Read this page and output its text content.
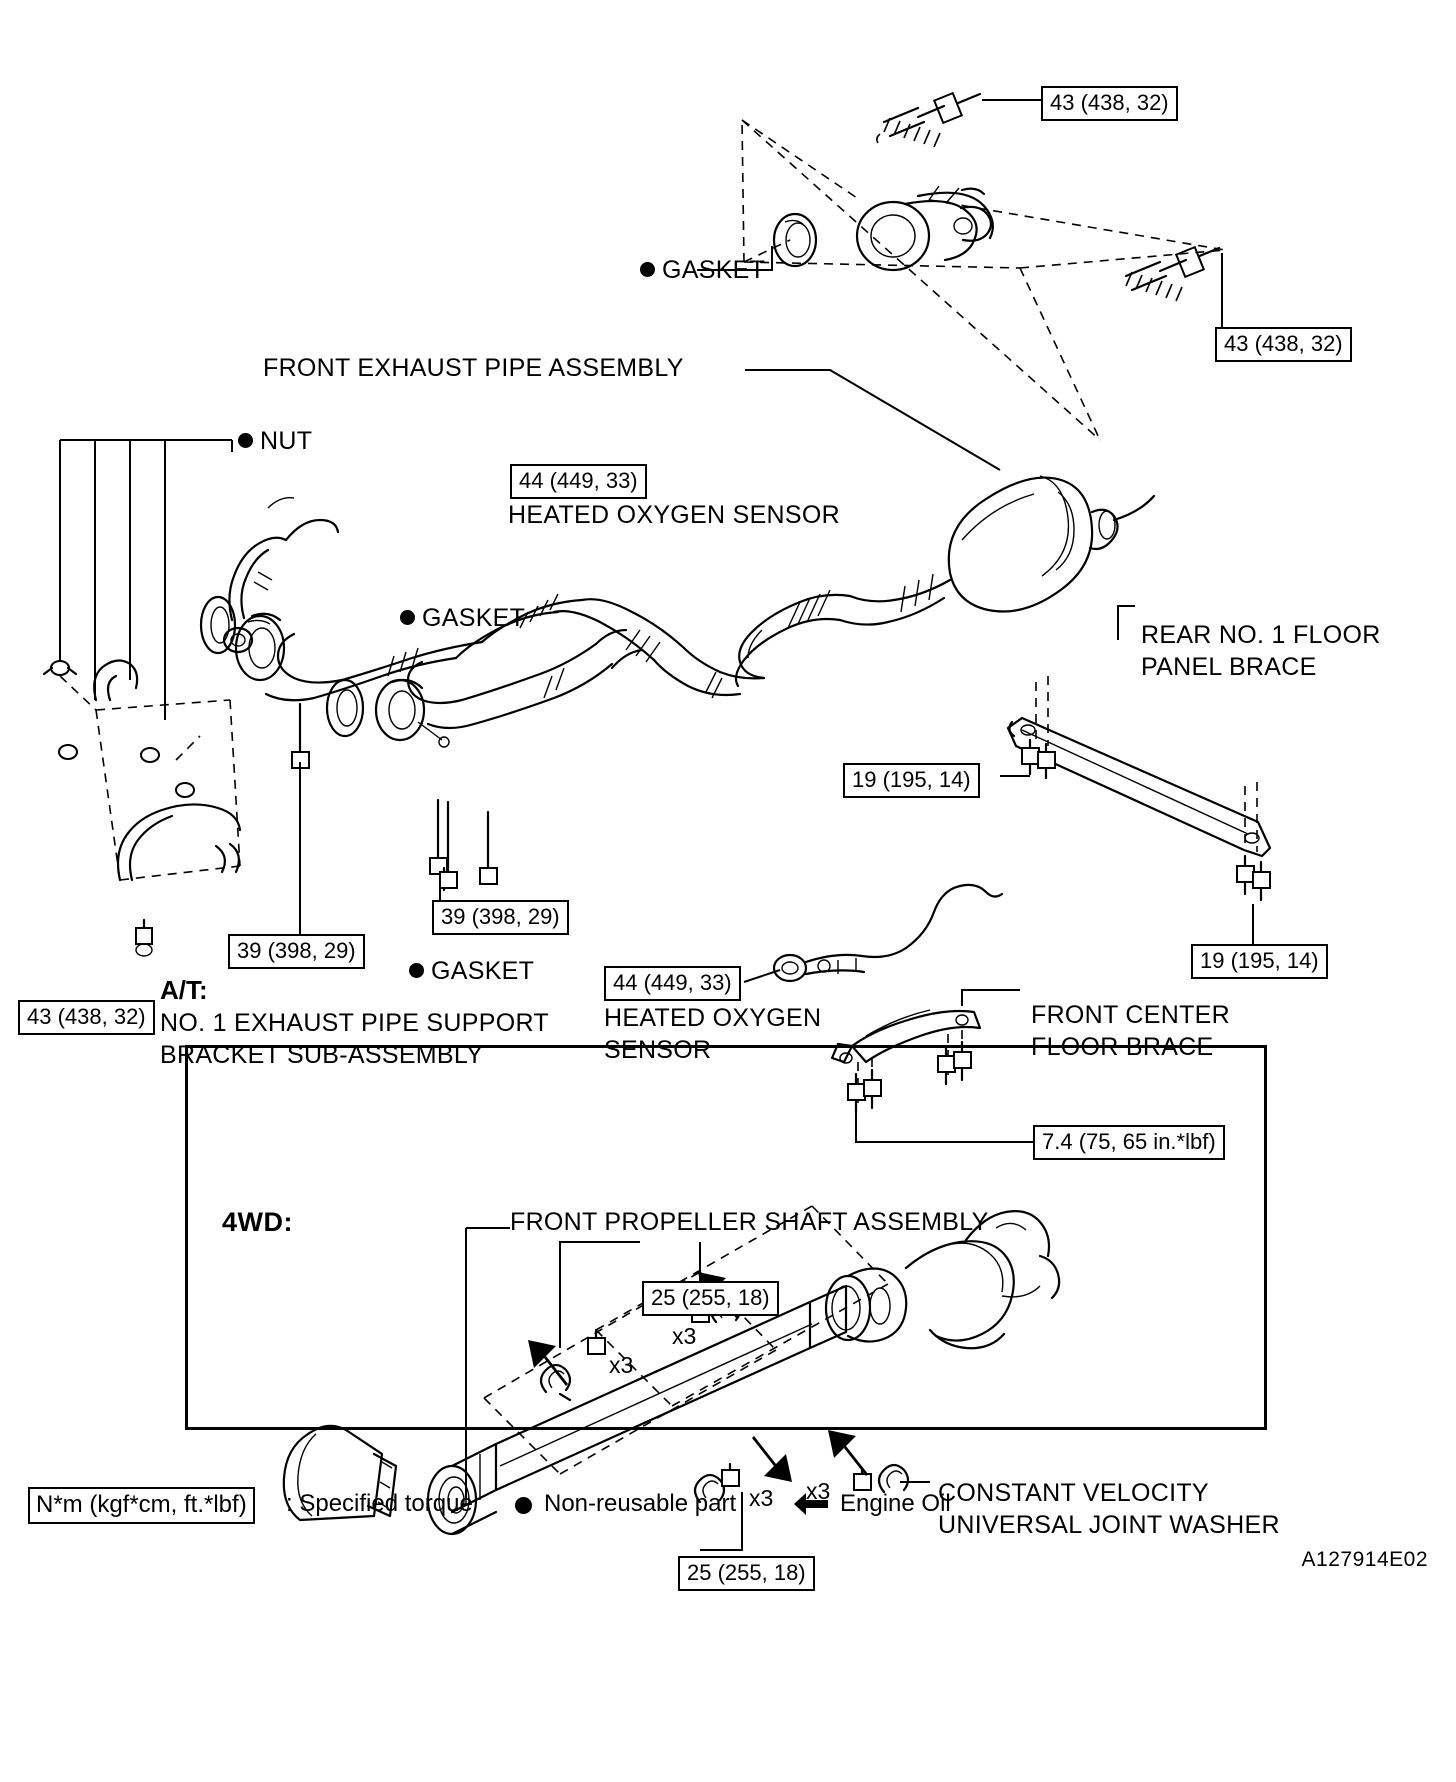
43 (438, 32)
43 (438, 32)
GASKET
FRONT EXHAUST PIPE ASSEMBLY
NUT
44 (449, 33)
HEATED OXYGEN SENSOR
GASKET
REAR NO. 1 FLOOR
PANEL BRACE
19 (195, 14)
39 (398, 29)
39 (398, 29)	19 (195, 14)
GASKET	44 (449, 33)
43 (438, 32)
A/T:
NO. 1 EXHAUST PIPE SUPPORT
BRACKET SUB-ASSEMBLY
HEATED OXYGEN
SENSOR
FRONT CENTER
FLOOR BRACE
7.4 (75, 65 in.*lbf)
4WD:	FRONT PROPELLER SHAFT ASSEMBLY
25 (255, 18)
25 (255, 18)
x3
x3
x3 x3	CONSTANT VELOCITY
UNIVERSAL JOINT WASHER
N*m (kgf*cm, ft.*lbf)	: Specified torque	Non-reusable part	Engine Oil
A127914E02
